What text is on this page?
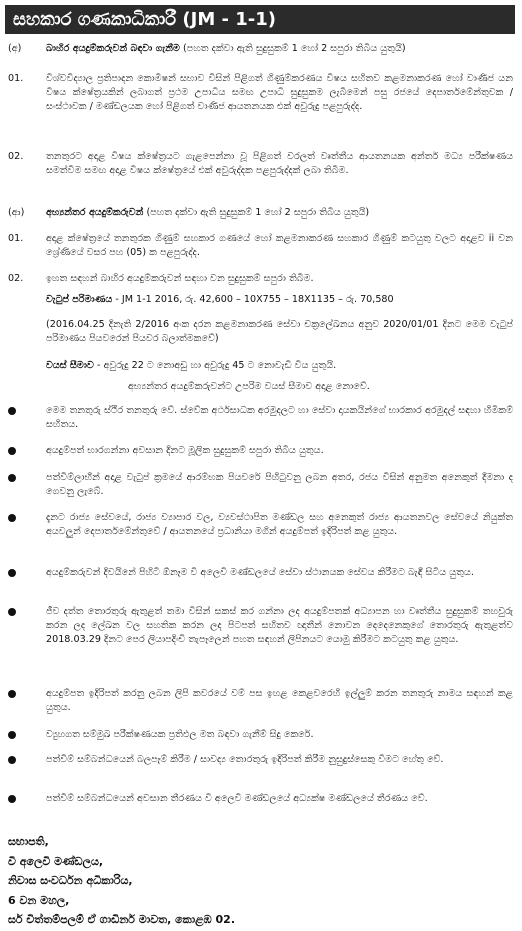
සහකාර ගණකාධිකාරී (JM - 1-1)
(අ)	බාහිර අයදුම්කරුවන් බඳවා ගැනීම (පහත දක්වා ඇති සුදුසුකම් 1 හෝ 2 සපුරා තිබිය යුතුයි)
01.	විශ්වවිද්‍යාල ප්‍රතිපාදන කොමිෂන් සභාව විසින් පිළිගත් ගිණුම්කරණය විෂය සහිතව කළමනාකරණ හෝ වාණිජ යන විෂය ක්ෂේත්‍රයකින් ලබාගත් ප්‍රථම උපාධිය සමඟ උපාධි සුදුසුකම ලැබීමෙන් පසු රජයේ දෙපාර්තමේන්තුවක / සංස්ථාවක / මණ්ඩලයක හෝ පිළිගත් වාණිජ ආයතනයක එක් අවුරුදු පළපුරුද්ද.
02.	තනතුරට අදාළ විෂය ක්ෂේත්‍රයට ගැළපෙන්නා වූ පිළිගත් වරලත් වෘත්තීය ආයතනයක අන්තර් මධ්‍ය පරීක්ෂණය සමත්වීම සමඟ අදාළ විෂය ක්ෂේත්‍රයේ එක් අවුරුද්දක පළපුරුද්දක් ලබා තිබීම.
(ආ)	අභ්‍යන්තර අයදුම්කරුවන් (පහත දක්වා ඇති සුදුසුකම් 1 හෝ 2 සපුරා තිබිය යුතුයි)
01.	අදාළ ක්ෂේත්‍රයේ තනතුරක ගිණුම් සහකාර ගණයේ හෝ කළමනාකරණ සහකාර ගිණුම් කටයුතු වලට අදාළව ii වන ශ්‍රේණියේ වසර පහ (05) ක පළපුරුද්ද.
02.	ඉහත සඳහන් බාහිර අයදුම්කරුවන් සඳහා වන සුදුසුකම් සපුරා තිබීම.
වැටුප් පරිමාණය - JM 1-1 2016, රු. 42,600 – 10X755 – 18X1135 – රු. 70,580
(2016.04.25 දිනැති 2/2016 අංක දරන කළමනාකරණ සේවා චක්‍රලේඛනය අනුව 2020/01/01 දිනට මෙම වැටුප් පරිමාණය පියවරෙන් පියවර බලාත්මකවේ)
වයස් සීමාව - අවුරුදු 22 ට නොඅඩු හා අවුරුදු 45 ට නොවැඩි විය යුතුයි.
අභ්‍යන්තර අයදුම්කරුවන්ට උපරිම වයස් සීමාව අදාළ නොවේ.
මෙම තනතුරු ස්ථිර තනතුරු වේ. ස්වේක අර්ථසාධක අරමුදලට හා සේවා දායකයින්ගේ භාරකාර අරමුදල් සඳහා හිමිකම් සහිතය.
අයදුම්පත් භාරගන්නා අවසාන දිනට මූලික සුදුසුකම් සපුරා තිබිය යුතුය.
පත්වීම්ලාභීන් අදාළ වැටුප් ක්‍රමයේ ආරම්භක පියවරේ පිහිටුවනු ලබන අතර, රජය විසින් අනුමත අනෙකුත් දීමනා ද ගෙවනු ලැබේ.
දැනට රාජ්‍ය සේවයේ, රාජ්‍ය ව්‍යාපාර වල, ව්‍යවස්ථාපිත මණ්ඩල සහ අනෙකුත් රාජ්‍ය ආයතනවල සේවයේ නියුක්ත අයවලුන් දෙපාර්තමේන්තුවේ / ආයතනයේ ප්‍රධානියා මගින් අයදුම්පත් ඉදිරිපත් කළ යුතුය.
අයදුම්කරුවන් දිවයිනේ පිහිටි ඕනෑම වි අලෙවි මණ්ඩලයේ සේවා ස්ථානයක සේවය කිරීමට බැඳී සිටිය යුතුය.
ජීව දත්ත තොරතුරු ඇතුළත් තමා විසින් සකස් කර ගන්නා ලද අයදුම්පතක් අධ්‍යාපන හා වෘත්තීය සුදුසුකම් තහවුරු කරන ලද ලේඛන වල සහතික කරන ලද පිටපත් සහිතව ඥාතීන් නොවන දෙදෙනෙකුගේ තොරතුරු ඇතුළත්ව 2018.03.29 දිනට පෙර ලියාපදිංචි තැපෑලෙන් පහත සඳහන් ලිපිනයට යොමු කිරීමට කටයුතු කළ යුතුය.
අයදුම්පත ඉදිරිපත් කරනු ලබන ලිපි කවරයේ වම් පස ඉහළ කෙළවරෙහි ඉල්ලුම් කරන තනතුරු නාමය සඳහන් කළ යුතුය.
ව්‍යුහගත සම්මුඛ පරීක්ෂණයක ප්‍රතිඵල මත බඳවා ගැනීම් සිදු කෙරේ.
පත්වීම් සම්බන්ධයෙන් බලපෑම් කිරීම / සාවද්‍ය තොරතුරු ඉදිරිපත් කිරීම නුසුදුස්සෙකු වීමට හේතු වේ.
පත්වීම් සම්බන්ධයෙන් අවසාන තීරණය වි අලෙවි මණ්ඩලයේ අධ්‍යක්ෂ මණ්ඩලයේ තීරණය වේ.
සභාපති,
වි අලෙවි මණ්ඩලය,
නිවාස සංවර්ධන අධිකාරිය,
6 වන මහල,
සර් චිත්තම්පලම් ඒ ගාඩිනර් මාවත, කොළඹ 02.
